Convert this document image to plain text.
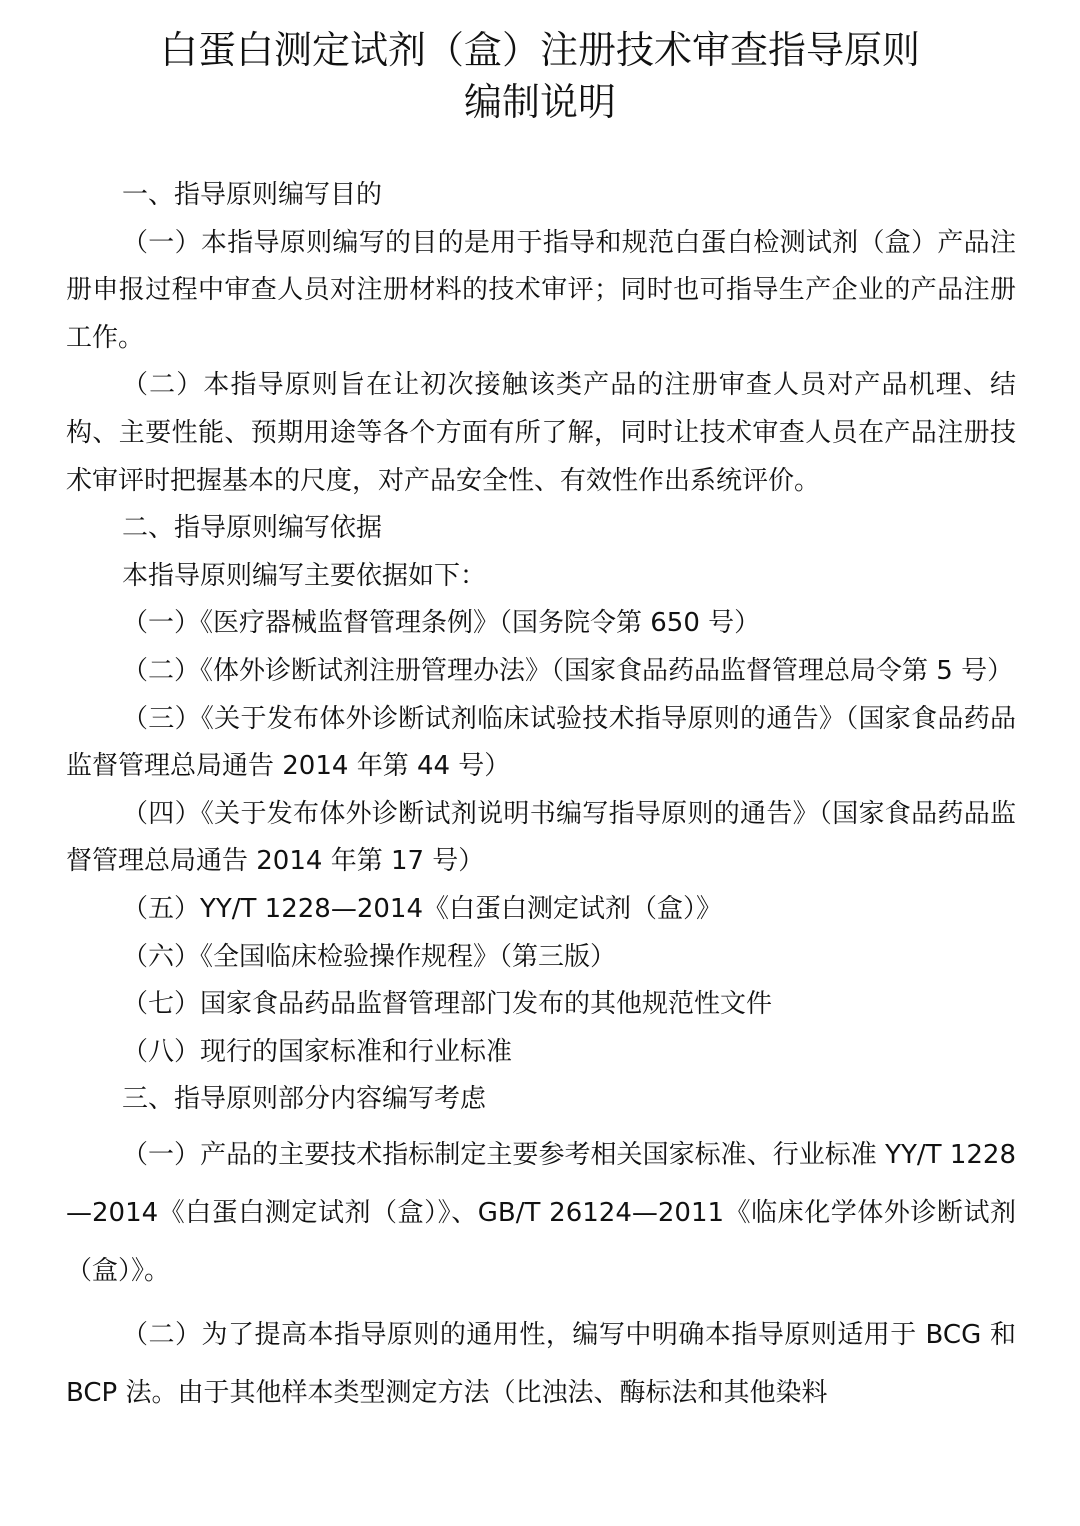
白蛋白测定试剂（盒）注册技术审查指导原则
编制说明

一、指导原则编写目的

（一）本指导原则编写的目的是用于指导和规范白蛋白检测试剂（盒）产品注册申报过程中审查人员对注册材料的技术审评；同时也可指导生产企业的产品注册工作。

（二）本指导原则旨在让初次接触该类产品的注册审查人员对产品机理、结构、主要性能、预期用途等各个方面有所了解，同时让技术审查人员在产品注册技术审评时把握基本的尺度，对产品安全性、有效性作出系统评价。

二、指导原则编写依据

本指导原则编写主要依据如下：

（一）《医疗器械监督管理条例》（国务院令第 650 号）

（二）《体外诊断试剂注册管理办法》（国家食品药品监督管理总局令第 5 号）

（三）《关于发布体外诊断试剂临床试验技术指导原则的通告》（国家食品药品监督管理总局通告 2014 年第 44 号）

（四）《关于发布体外诊断试剂说明书编写指导原则的通告》（国家食品药品监督管理总局通告 2014 年第 17 号）

（五）YY/T 1228—2014《白蛋白测定试剂（盒）》

（六）《全国临床检验操作规程》（第三版）

（七）国家食品药品监督管理部门发布的其他规范性文件

（八）现行的国家标准和行业标准

三、指导原则部分内容编写考虑

（一）产品的主要技术指标制定主要参考相关国家标准、行业标准 YY/T 1228—2014《白蛋白测定试剂（盒）》、GB/T 26124—2011《临床化学体外诊断试剂（盒）》。

（二）为了提高本指导原则的通用性，编写中明确本指导原则适用于 BCG 和 BCP 法。由于其他样本类型测定方法（比浊法、酶标法和其他染料
